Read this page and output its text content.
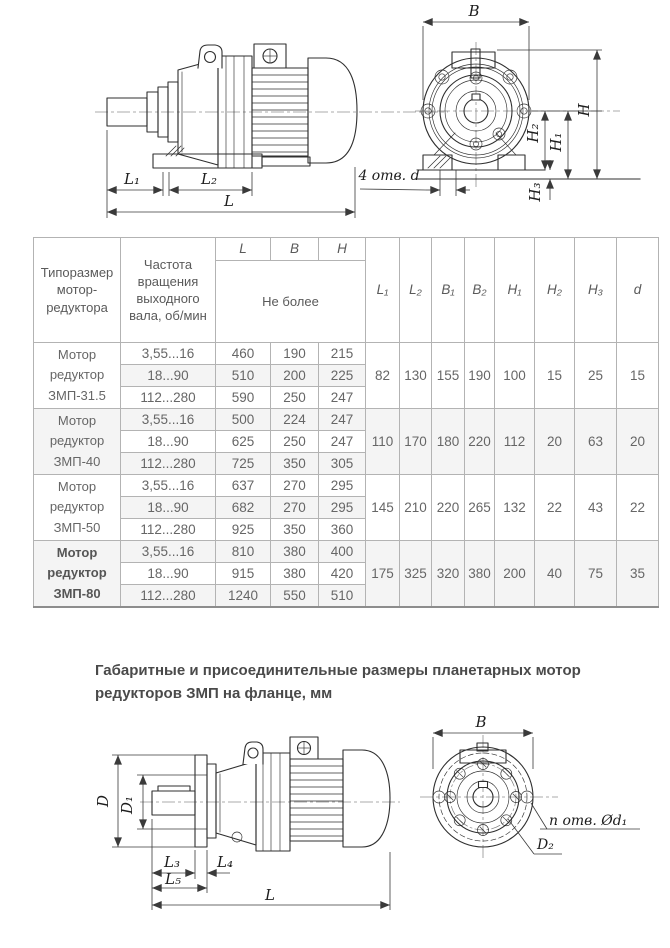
L₁	L₂
L
4 отв. d
B
H₂ H₁
H
H₃
Типоразмер мотор-редуктора	Частота вращения выходного вала, об/мин	L	B	H	L₁	L₂	B₁	B₂	H₁	H₂	H₃	d
		Не более										
Мотор редуктор ЗМП-31.5	3,55...16	460	190	215	82	130	155	190	100	15	25	15
	18...90	510	200	225								
	112...280	590	250	247								
Мотор редуктор ЗМП-40	3,55...16	500	224	247	110	170	180	220	112	20	63	20
	18...90	625	250	247								
	112...280	725	350	305								
Мотор редуктор ЗМП-50	3,55...16	637	270	295	145	210	220	265	132	22	43	22
	18...90	682	270	295								
	112...280	925	350	360								
Мотор редуктор ЗМП-80	3,55...16	810	380	400	175	325	320	380	200	40	75	35
	18...90	915	380	420								
	112...280	1240	550	510								
Габаритные и присоединительные размеры планетарных мотор редукторов ЗМП на фланце, мм
D D₁
L₃ L₄
L₅
L
B
n отв. Ød₁
D₂
